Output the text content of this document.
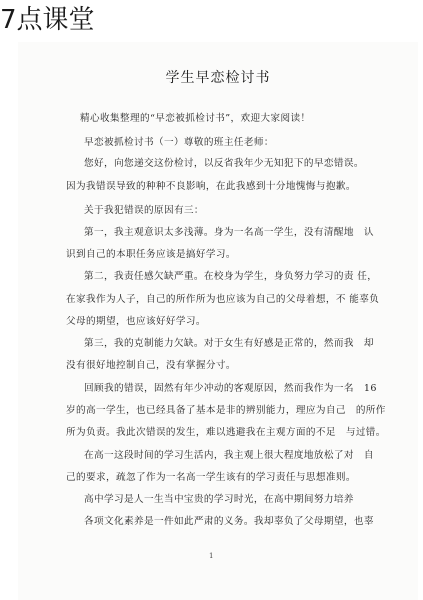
7点课堂
学生早恋检讨书
精心收集整理的“早恋被抓检讨书”，欢迎大家阅读！
早恋被抓检讨书（一）尊敬的班主任老师：
您好，向您递交这份检讨，以反省我年少无知犯下的早恋错误。
因为我错误导致的种种不良影响，在此我感到十分地愧悔与抱歉。
关于我犯错误的原因有三：
第一，我主观意识太多浅薄。身为一名高一学生，没有清醒地　认
识到自己的本职任务应该是搞好学习。
第二，我责任感欠缺严重。在校身为学生，身负努力学习的责 任，
在家我作为人子，自己的所作所为也应该为自己的父母着想，不 能辜负
父母的期望，也应该好好学习。
第三，我的克制能力欠缺。对于女生有好感是正常的，然而我　却
没有很好地控制自己，没有掌握分寸。
回顾我的错误，固然有年少冲动的客观原因，然而我作为一名　16
岁的高一学生，也已经具备了基本是非的辨别能力，理应为自己　的所作
所为负责。我此次错误的发生，难以逃避我在主观方面的不足　与过错。
在高一这段时间的学习生活内，我主观上很大程度地放松了对　自
己的要求，疏忽了作为一名高一学生该有的学习责任与思想准则。
高中学习是人一生当中宝贵的学习时光，在高中期间努力培养
各项文化素养是一件如此严肃的义务。我却辜负了父母期望，也辜
1
